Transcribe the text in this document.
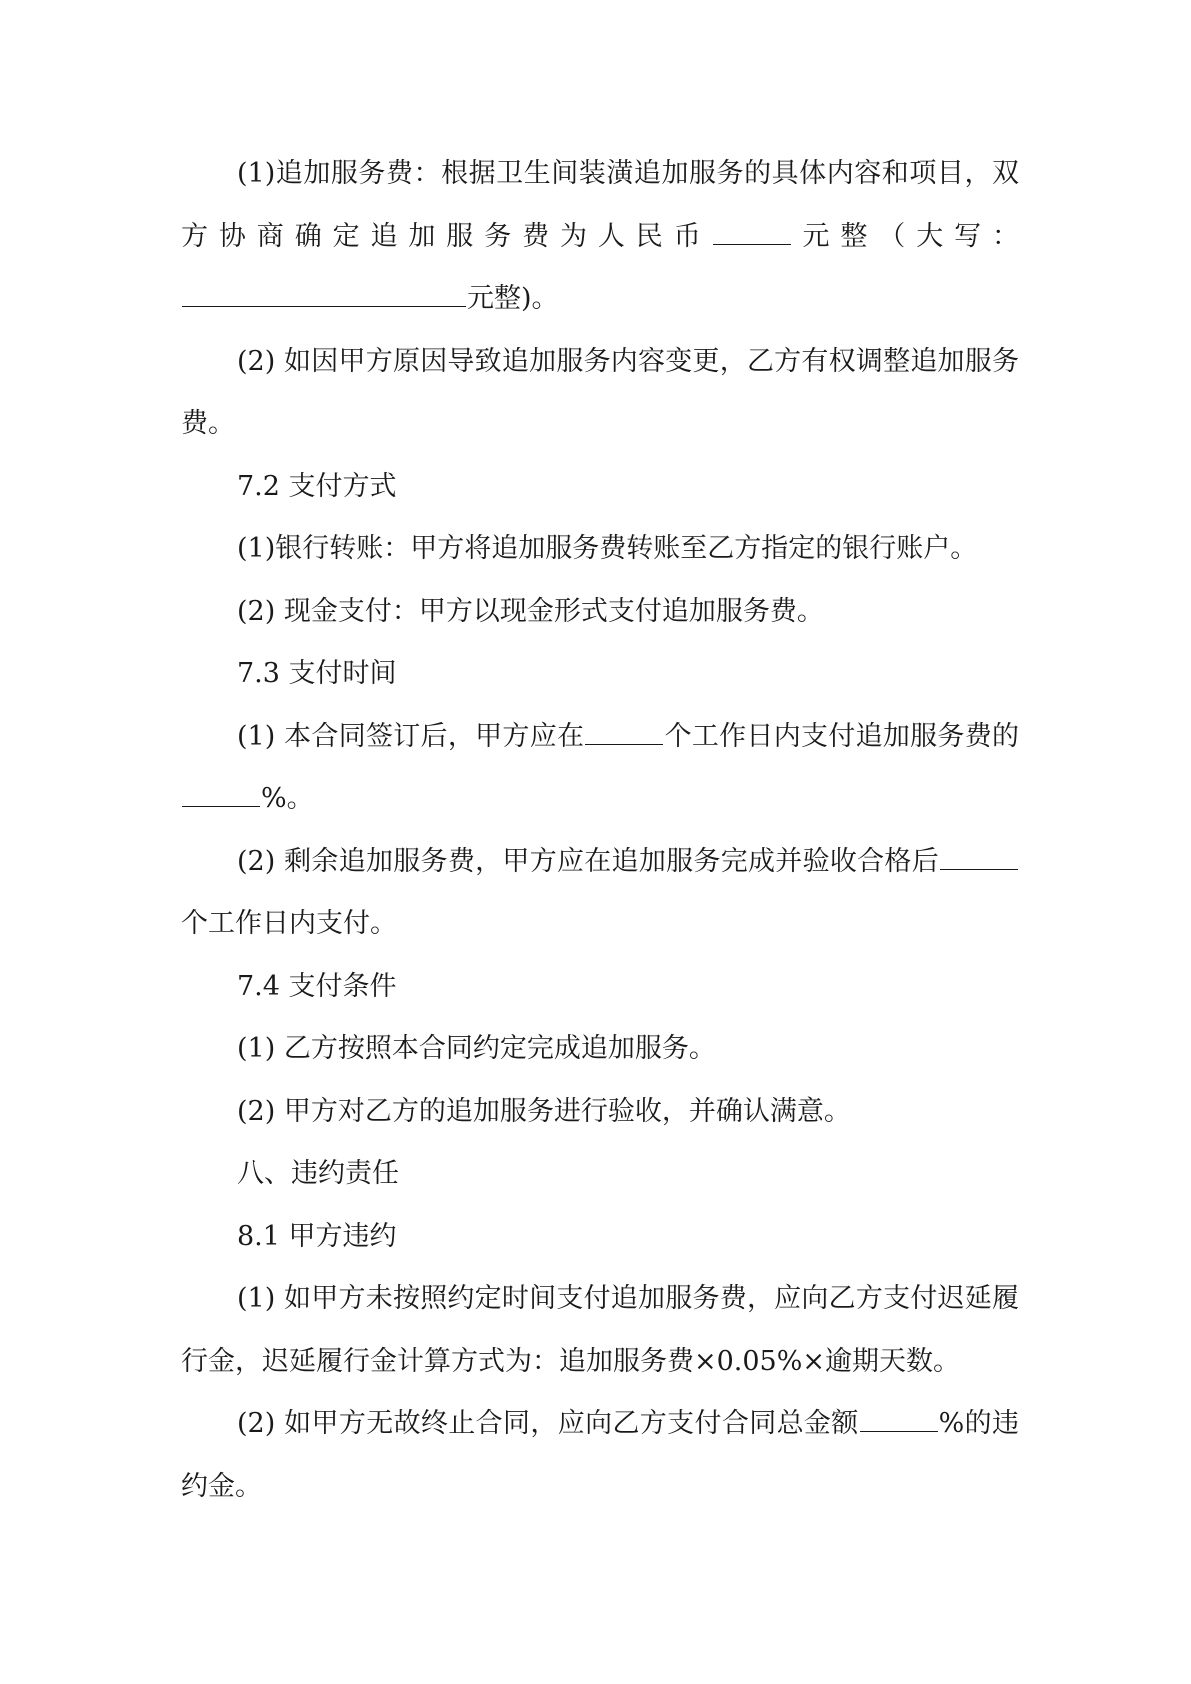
(1)追加服务费：根据卫生间装潢追加服务的具体内容和项目，双方协商确定追加服务费为人民币	元整（大写：元整)。

(2) 如因甲方原因导致追加服务内容变更，乙方有权调整追加服务费。

7.2 支付方式

(1)银行转账：甲方将追加服务费转账至乙方指定的银行账户。

(2) 现金支付：甲方以现金形式支付追加服务费。

7.3 支付时间

(1) 本合同签订后，甲方应在	个工作日内支付追加服务费的%。

(2) 剩余追加服务费，甲方应在追加服务完成并验收合格后个工作日内支付。

7.4 支付条件

(1) 乙方按照本合同约定完成追加服务。

(2) 甲方对乙方的追加服务进行验收，并确认满意。

八、违约责任

8.1 甲方违约

(1) 如甲方未按照约定时间支付追加服务费，应向乙方支付迟延履行金，迟延履行金计算方式为：追加服务费×0.05%×逾期天数。

(2) 如甲方无故终止合同，应向乙方支付合同总金额	%的违约金。
